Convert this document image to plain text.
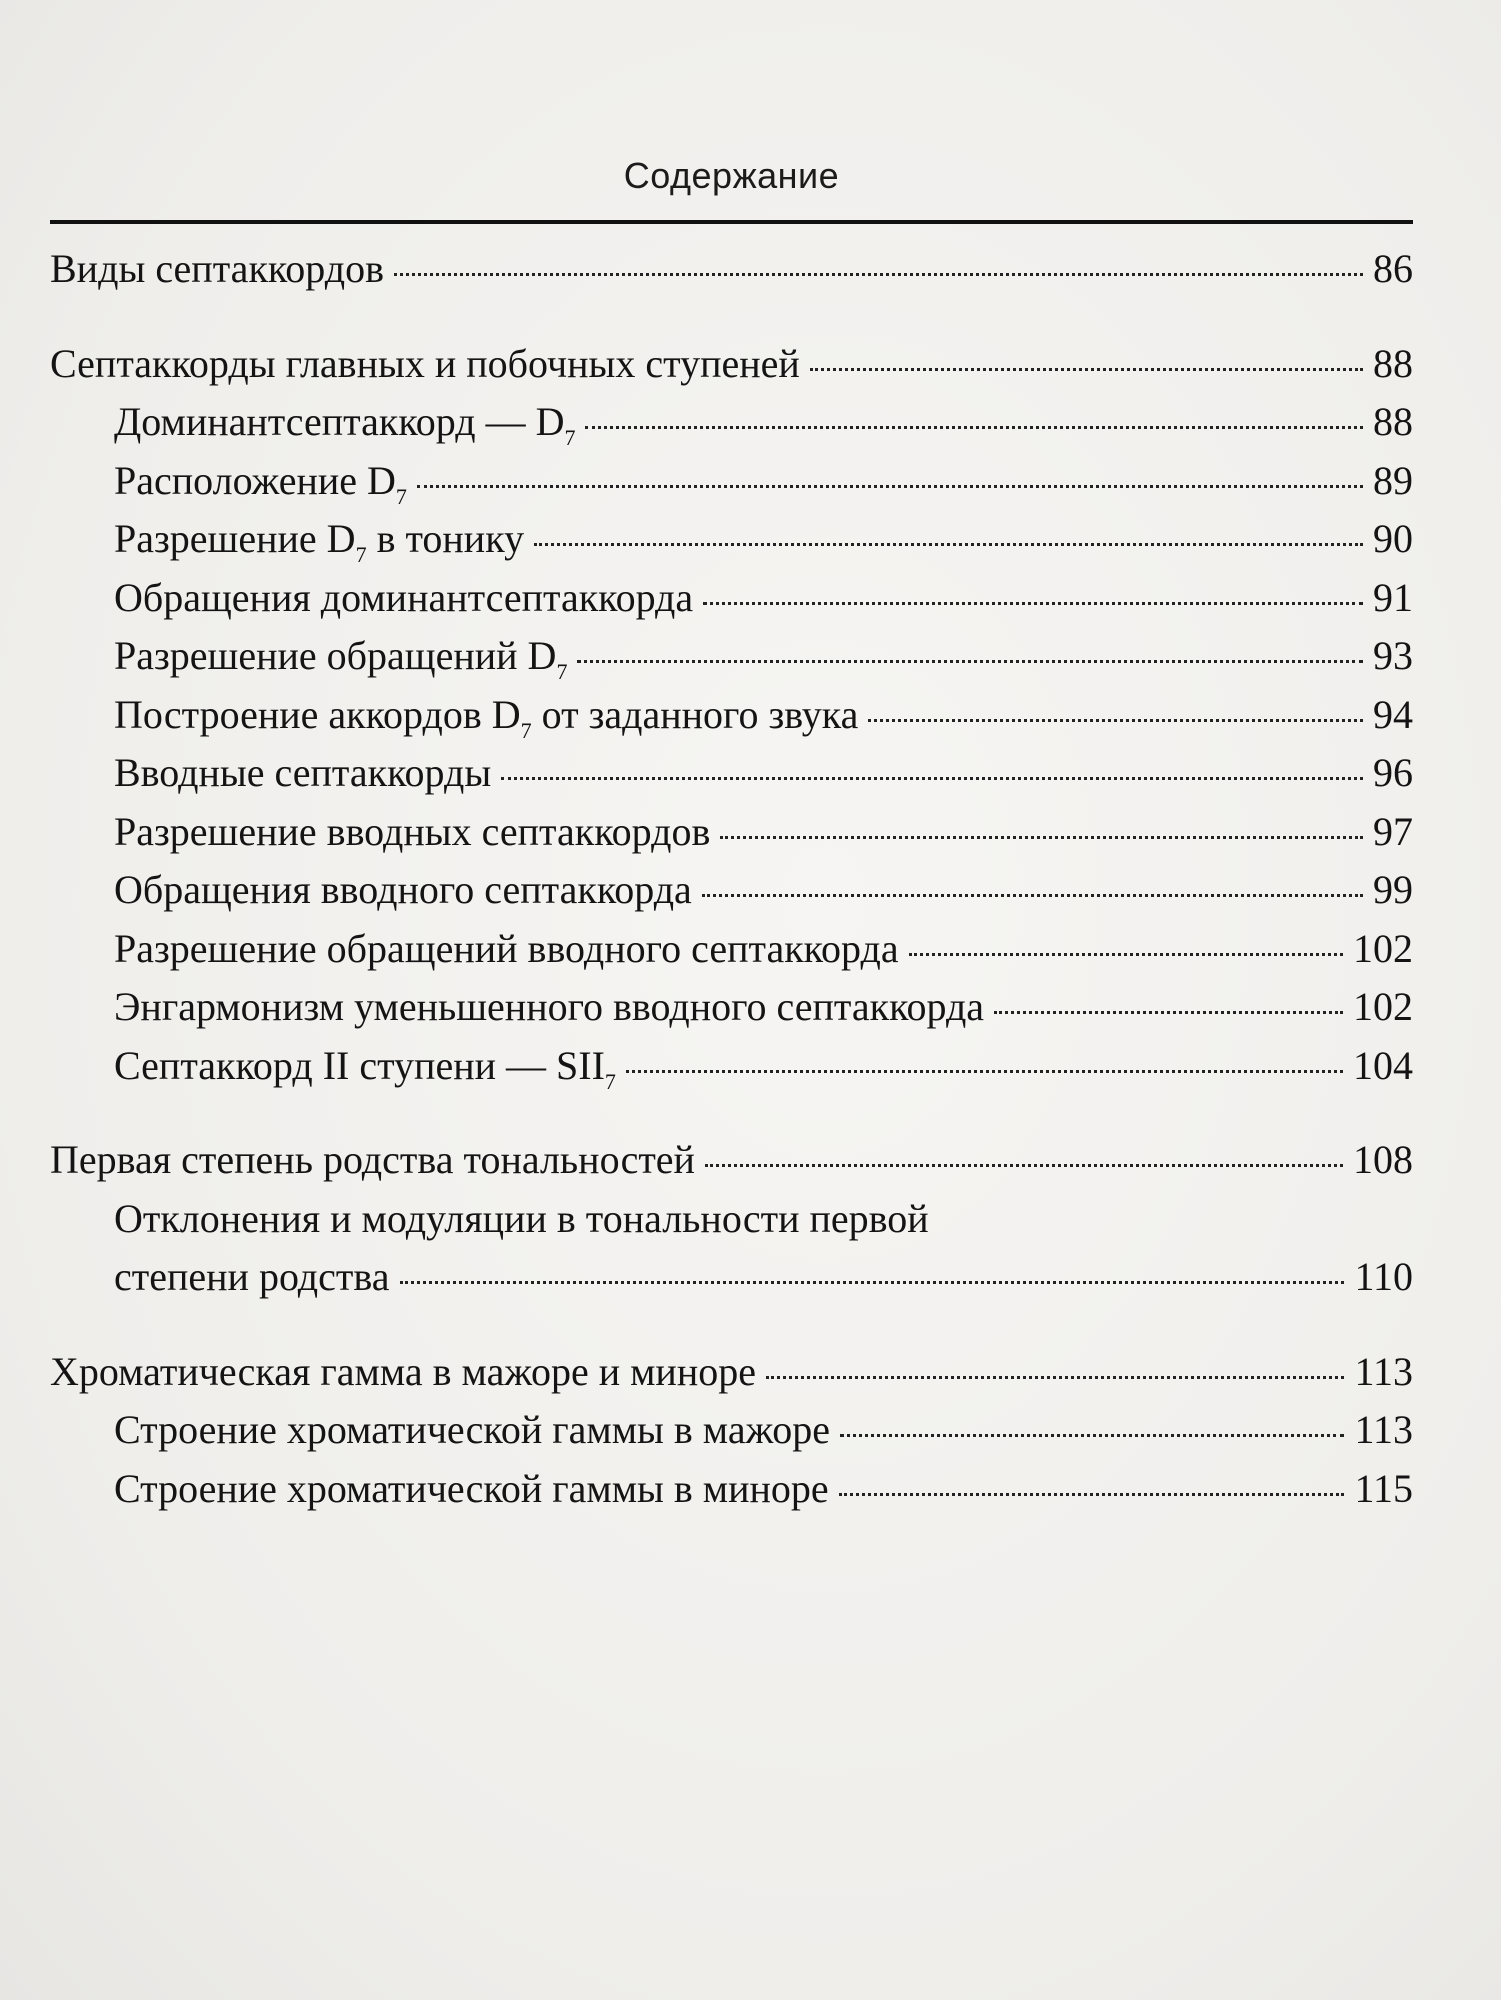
Содержание
Виды септаккордов	86
Септаккорды главных и побочных ступеней	88
Доминантсептаккорд — $D_7$	88
Расположение $D_7$	89
Разрешение $D_7$ в тонику	90
Обращения доминантсептаккорда	91
Разрешение обращений $D_7$	93
Построение аккордов $D_7$ от заданного звука	94
Вводные септаккорды	96
Разрешение вводных септаккордов	97
Обращения вводного септаккорда	99
Разрешение обращений вводного септаккорда	102
Энгармонизм уменьшенного вводного септаккорда	102
Септаккорд II ступени — $SII_7$	104
Первая степень родства тональностей	108
Отклонения и модуляции в тональности первой
степени родства	110
Хроматическая гамма в мажоре и миноре	113
Строение хроматической гаммы в мажоре	113
Строение хроматической гаммы в миноре	115
